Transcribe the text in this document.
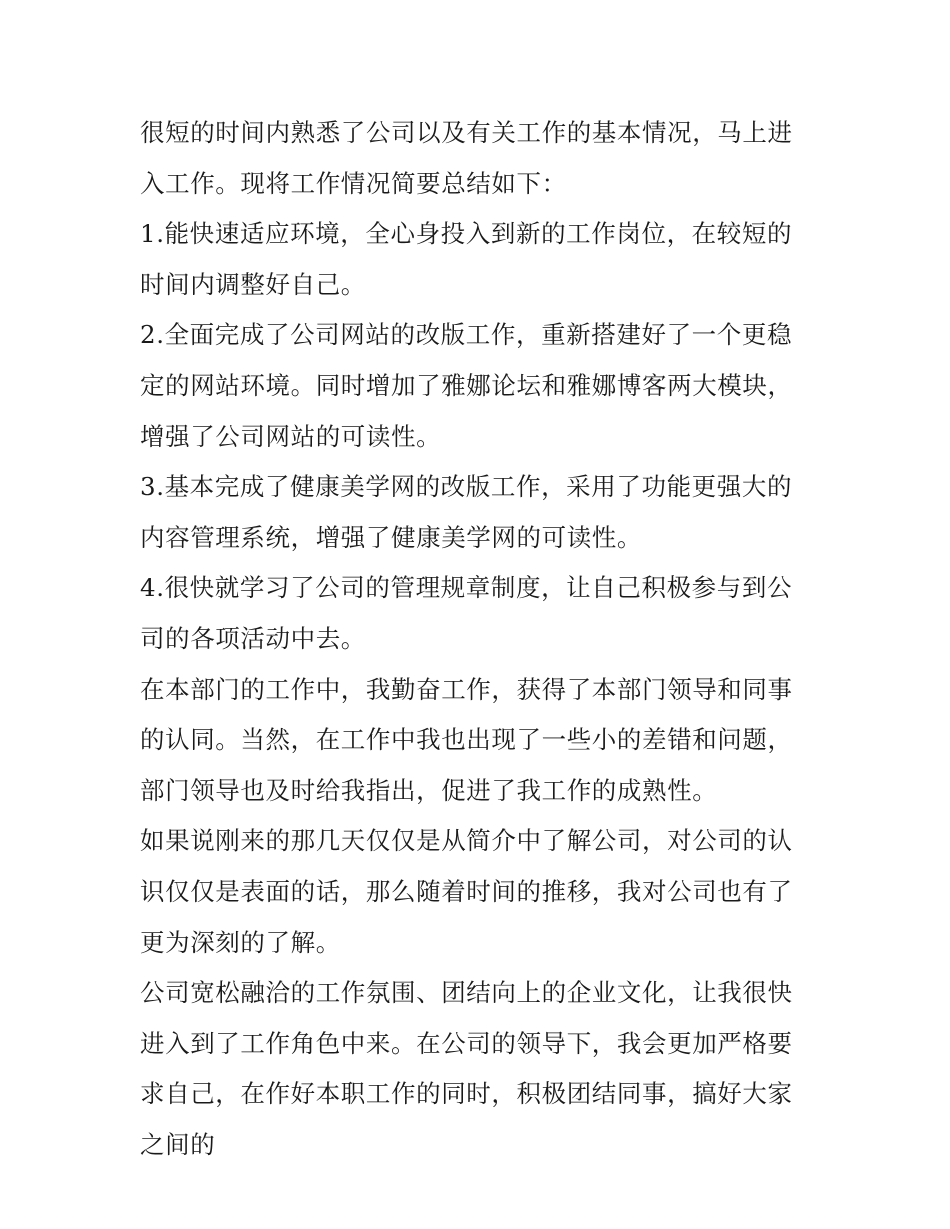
很短的时间内熟悉了公司以及有关工作的基本情况，马上进入工作。现将工作情况简要总结如下：

1.能快速适应环境，全心身投入到新的工作岗位，在较短的时间内调整好自己。

2.全面完成了公司网站的改版工作，重新搭建好了一个更稳定的网站环境。同时增加了雅娜论坛和雅娜博客两大模块，增强了公司网站的可读性。

3.基本完成了健康美学网的改版工作，采用了功能更强大的内容管理系统，增强了健康美学网的可读性。

4.很快就学习了公司的管理规章制度，让自己积极参与到公司的各项活动中去。

在本部门的工作中，我勤奋工作，获得了本部门领导和同事的认同。当然，在工作中我也出现了一些小的差错和问题，部门领导也及时给我指出，促进了我工作的成熟性。

如果说刚来的那几天仅仅是从简介中了解公司，对公司的认识仅仅是表面的话，那么随着时间的推移，我对公司也有了更为深刻的了解。

公司宽松融洽的工作氛围、团结向上的企业文化，让我很快进入到了工作角色中来。在公司的领导下，我会更加严格要求自己，在作好本职工作的同时，积极团结同事，搞好大家之间的
